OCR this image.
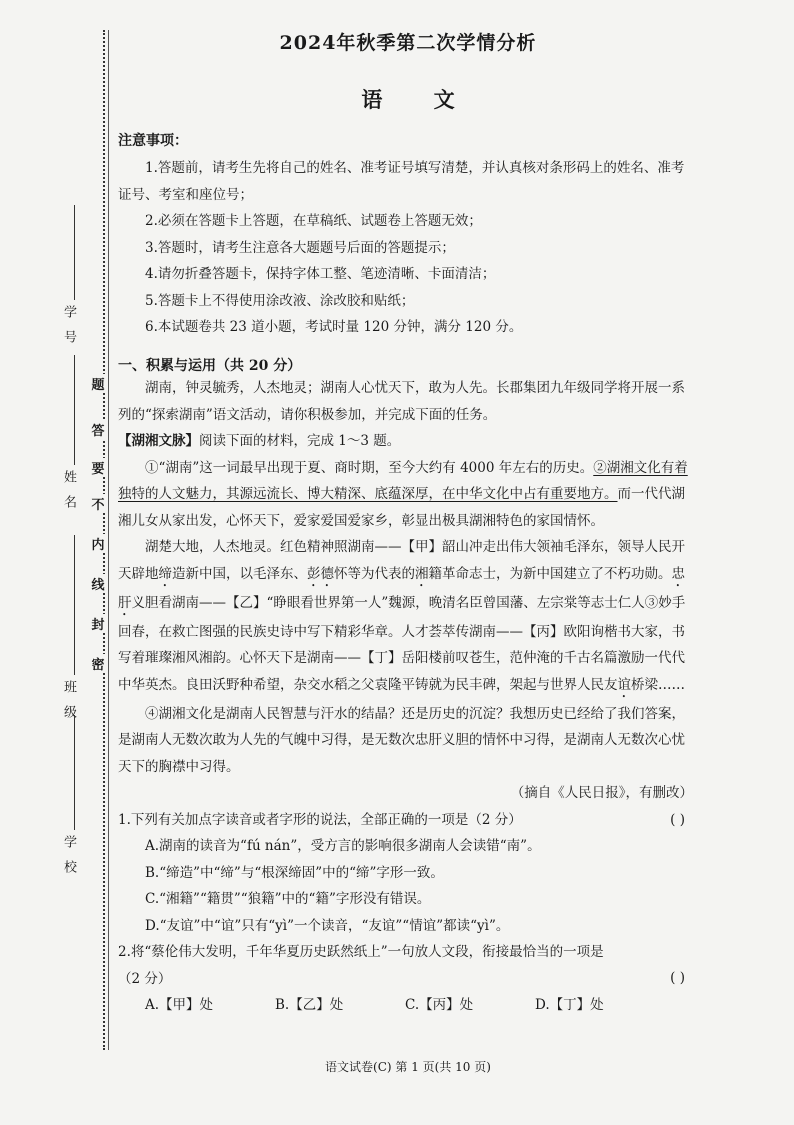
题
答
要
不
内
线
封
密
学 号
姓 名
班 级
学 校
2024年秋季第二次学情分析
语 文
注意事项：
1.答题前，请考生先将自己的姓名、准考证号填写清楚，并认真核对条形码上的姓名、准考证号、考室和座位号；
2.必须在答题卡上答题，在草稿纸、试题卷上答题无效；
3.答题时，请考生注意各大题题号后面的答题提示；
4.请勿折叠答题卡，保持字体工整、笔迹清晰、卡面清洁；
5.答题卡上不得使用涂改液、涂改胶和贴纸；
6.本试题卷共 23 道小题，考试时量 120 分钟，满分 120 分。
一、积累与运用（共 20 分）
湖南，钟灵毓秀，人杰地灵；湖南人心忧天下，敢为人先。长郡集团九年级同学将开展一系列的“探索湖南”语文活动，请你积极参加，并完成下面的任务。
【湖湘文脉】阅读下面的材料，完成 1～3 题。
①“湖南”这一词最早出现于夏、商时期，至今大约有 4000 年左右的历史。②湖湘文化有着独特的人文魅力，其源远流长、博大精深、底蕴深厚，在中华文化中占有重要地方。而一代代湖湘儿女从家出发，心怀天下，爱家爱国爱家乡，彰显出极具湖湘特色的家国情怀。
湖楚大地，人杰地灵。红色精神照湖南——【甲】韶山冲走出伟大领袖毛泽东，领导人民开天辟地缔造新中国，以毛泽东、彭德怀等为代表的湘籍革命志士，为新中国建立了不朽功勋。忠肝义胆看湖南——【乙】“睁眼看世界第一人”魏源，晚清名臣曾国藩、左宗棠等志士仁人③妙手回春，在救亡图强的民族史诗中写下精彩华章。人才荟萃传湖南——【丙】欧阳询楷书大家，书写着璀璨湘风湘韵。心怀天下是湖南——【丁】岳阳楼前叹苍生，范仲淹的千古名篇激励一代代中华英杰。良田沃野种希望，杂交水稻之父袁隆平铸就为民丰碑，架起与世界人民友谊桥梁……
④湖湘文化是湖南人民智慧与汗水的结晶？还是历史的沉淀？我想历史已经给了我们答案，是湖南人无数次敢为人先的气魄中习得，是无数次忠肝义胆的情怀中习得，是湖南人无数次心忧天下的胸襟中习得。
（摘自《人民日报》，有删改）
1.下列有关加点字读音或者字形的说法，全部正确的一项是（2 分）	( )
A.湖南的读音为“fú nán”，受方言的影响很多湖南人会读错“南”。
B.“缔造”中“缔”与“根深缔固”中的“缔”字形一致。
C.“湘籍”“籍贯”“狼籍”中的“籍”字形没有错误。
D.“友谊”中“谊”只有“yì”一个读音，“友谊”“情谊”都读“yì”。
2.将“蔡伦伟大发明，千年华夏历史跃然纸上”一句放人文段，衔接最恰当的一项是（2 分）	( )
A.【甲】处	B.【乙】处	C.【丙】处	D.【丁】处
语文试卷(C) 第 1 页(共 10 页)
